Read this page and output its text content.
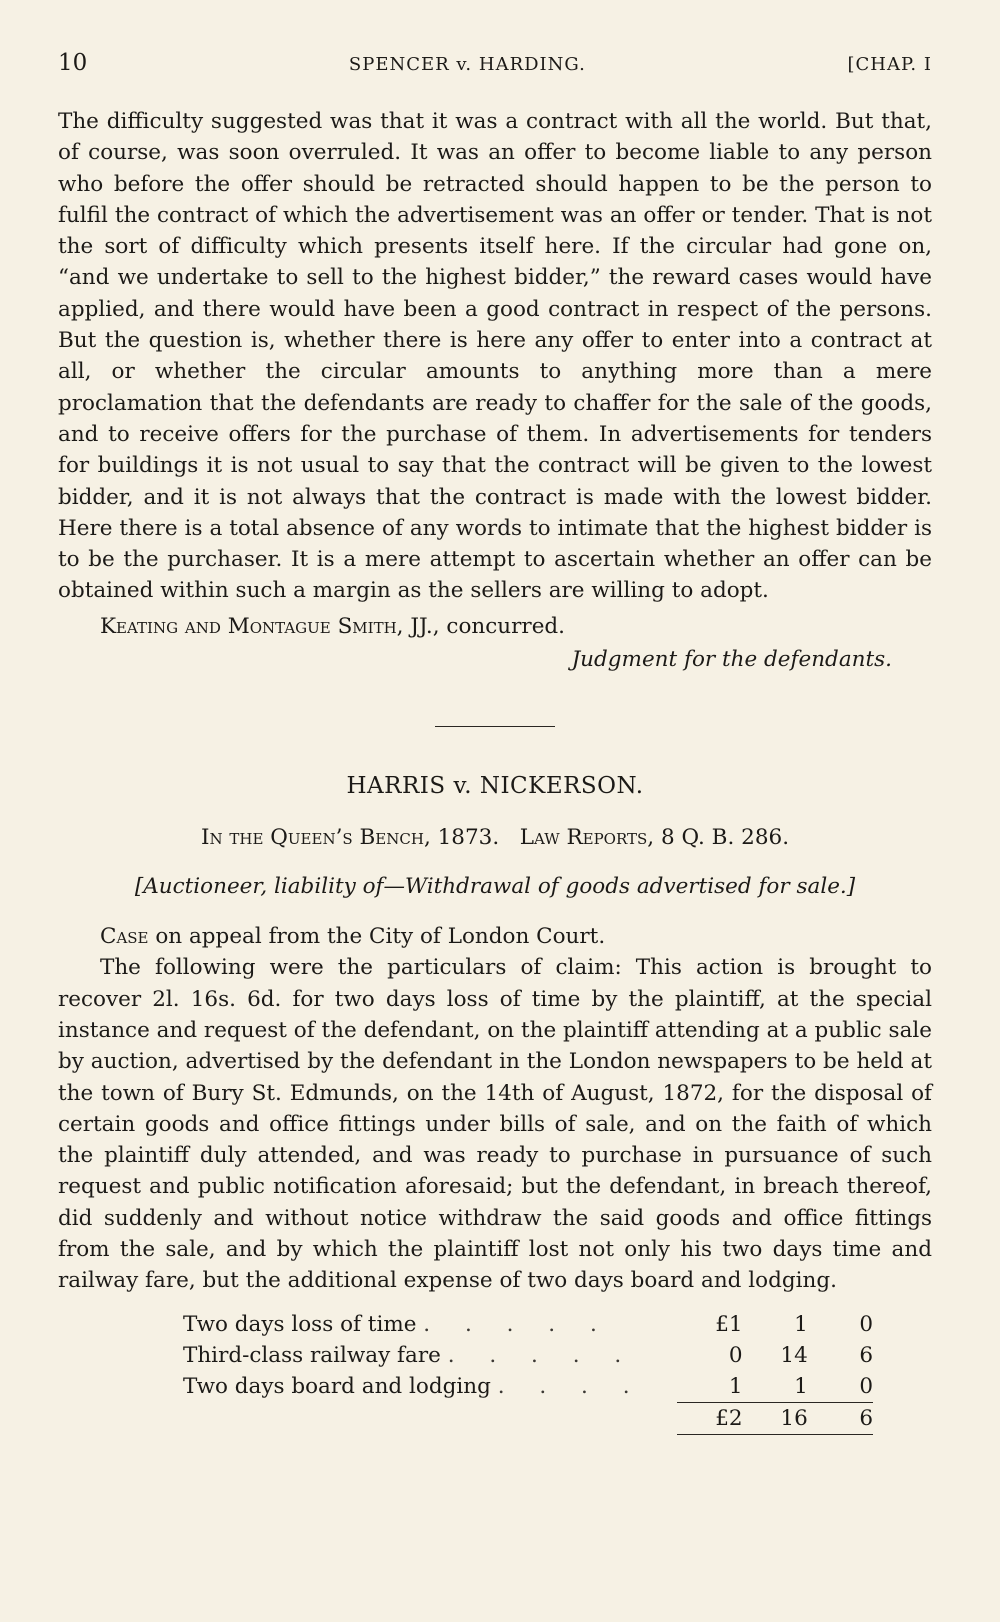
10	SPENCER v. HARDING.	[CHAP. I

The difficulty suggested was that it was a contract with all the world. But that, of course, was soon overruled. It was an offer to become liable to any person who before the offer should be retracted should happen to be the person to fulfil the contract of which the advertisement was an offer or tender. That is not the sort of difficulty which presents itself here. If the circular had gone on, “and we undertake to sell to the highest bidder,” the reward cases would have applied, and there would have been a good contract in respect of the persons. But the question is, whether there is here any offer to enter into a contract at all, or whether the circular amounts to anything more than a mere proclamation that the defendants are ready to chaffer for the sale of the goods, and to receive offers for the purchase of them. In advertisements for tenders for buildings it is not usual to say that the contract will be given to the lowest bidder, and it is not always that the contract is made with the lowest bidder. Here there is a total absence of any words to intimate that the highest bidder is to be the purchaser. It is a mere attempt to ascertain whether an offer can be obtained within such a margin as the sellers are willing to adopt.

Keating and Montague Smith, JJ., concurred.

Judgment for the defendants.

HARRIS v. NICKERSON.

In the Queen’s Bench, 1873. Law Reports, 8 Q. B. 286.

[Auctioneer, liability of—Withdrawal of goods advertised for sale.]

Case on appeal from the City of London Court.

The following were the particulars of claim: This action is brought to recover 2l. 16s. 6d. for two days loss of time by the plaintiff, at the special instance and request of the defendant, on the plaintiff attending at a public sale by auction, advertised by the defendant in the London newspapers to be held at the town of Bury St. Edmunds, on the 14th of August, 1872, for the disposal of certain goods and office fittings under bills of sale, and on the faith of which the plaintiff duly attended, and was ready to purchase in pursuance of such request and public notification aforesaid; but the defendant, in breach thereof, did suddenly and without notice withdraw the said goods and office fittings from the sale, and by which the plaintiff lost not only his two days time and railway fare, but the additional expense of two days board and lodging.

Two days loss of time . . . . .	£1	1	0
Third-class railway fare . . . . .	0	14	6
Two days board and lodging . . . .	1	1	0
	£2	16	6
